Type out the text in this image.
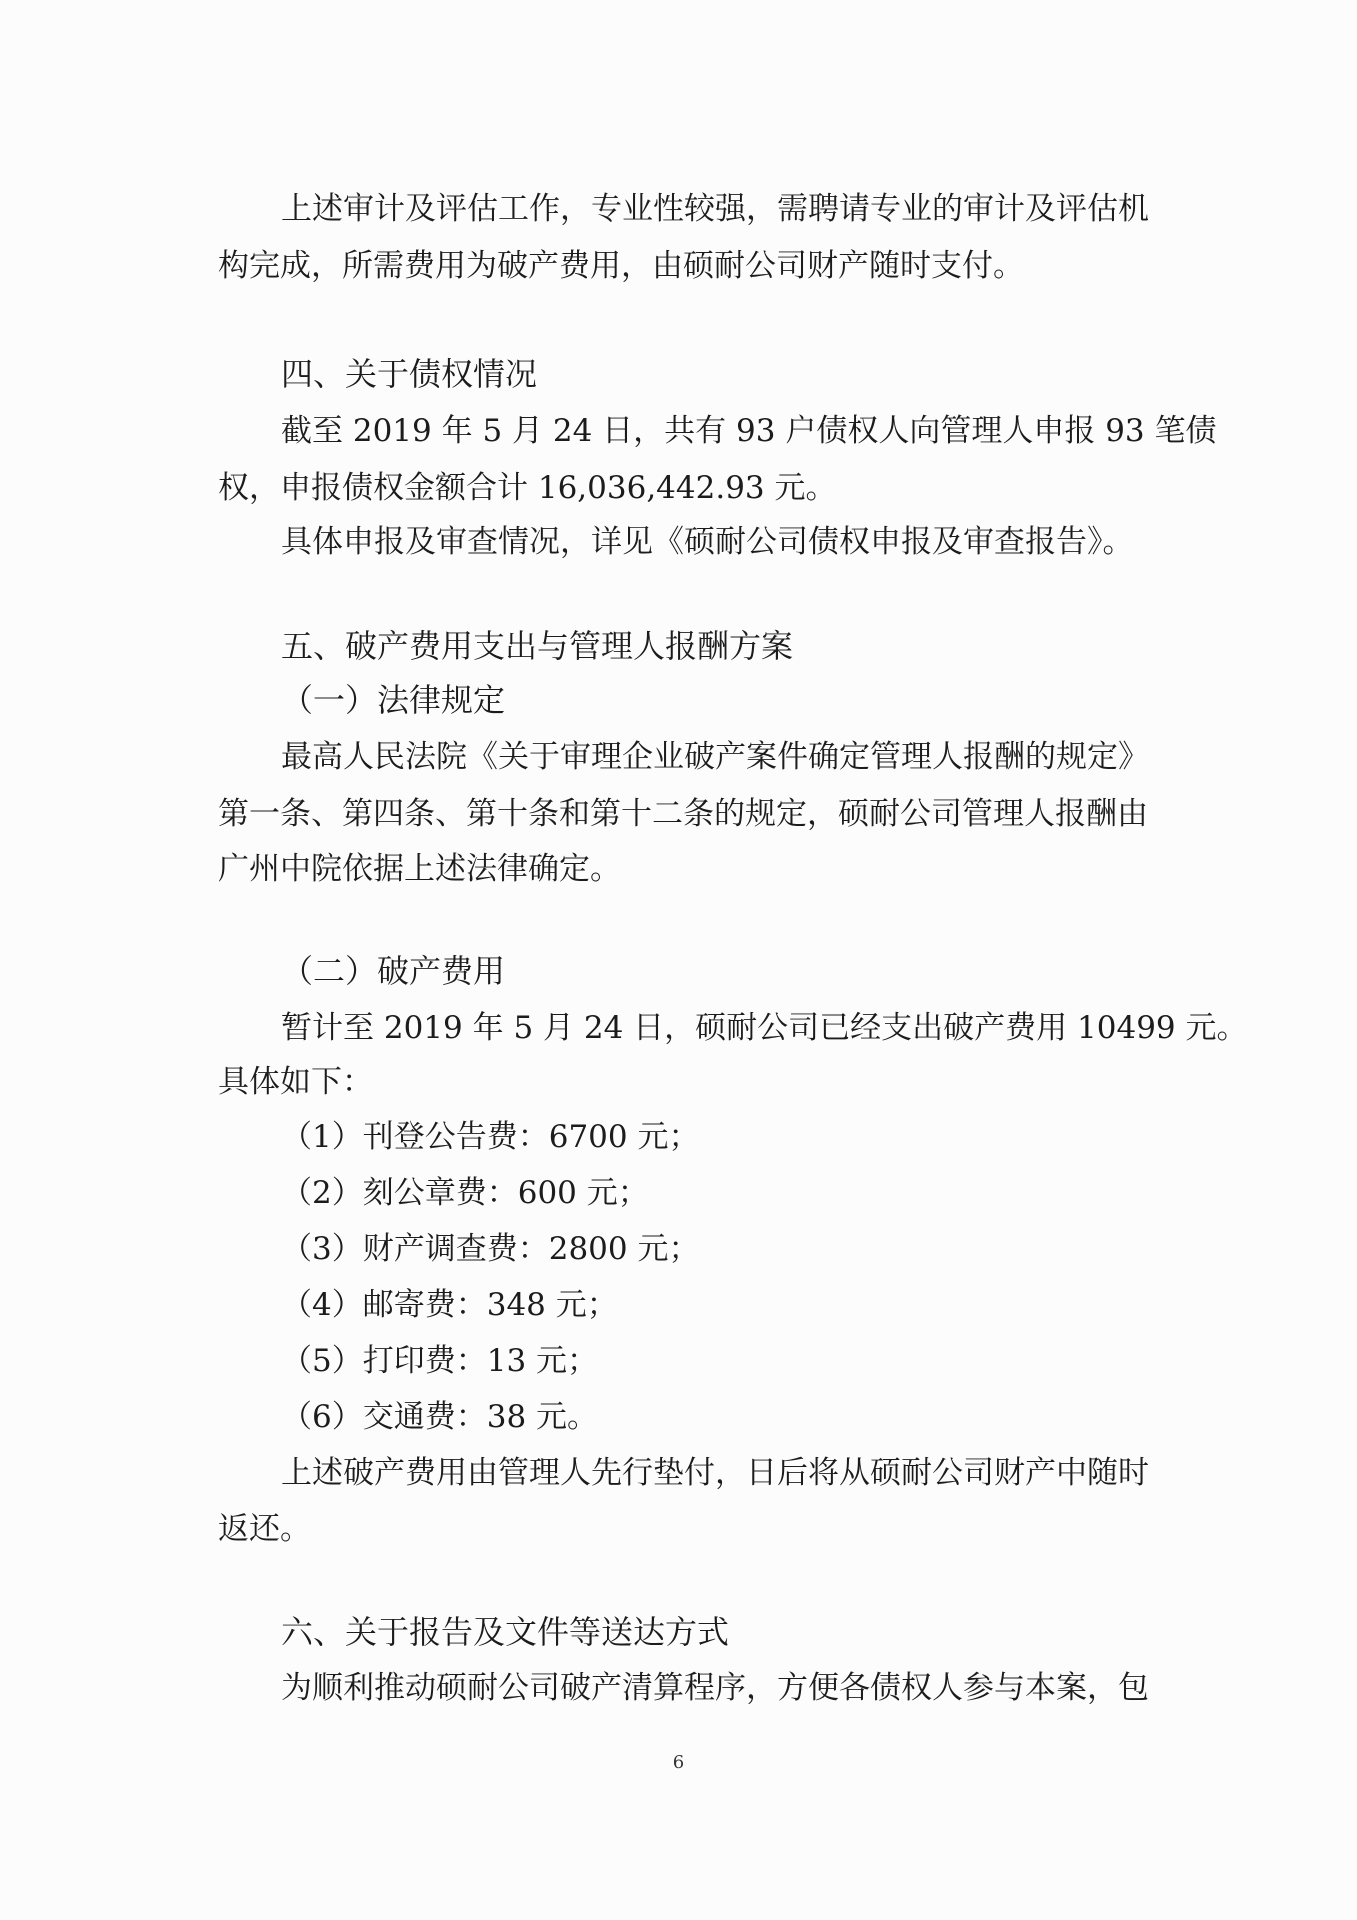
上述审计及评估工作，专业性较强，需聘请专业的审计及评估机

构完成，所需费用为破产费用，由硕耐公司财产随时支付。

四、关于债权情况

截至 2019 年 5 月 24 日，共有 93 户债权人向管理人申报 93 笔债

权，申报债权金额合计 16,036,442.93 元。

具体申报及审查情况，详见《硕耐公司债权申报及审查报告》。

五、破产费用支出与管理人报酬方案

（一）法律规定

最高人民法院《关于审理企业破产案件确定管理人报酬的规定》

第一条、第四条、第十条和第十二条的规定，硕耐公司管理人报酬由

广州中院依据上述法律确定。

（二）破产费用

暂计至 2019 年 5 月 24 日，硕耐公司已经支出破产费用 10499 元。

具体如下：

（1）刊登公告费：6700 元；

（2）刻公章费：600 元；

（3）财产调查费：2800 元；

（4）邮寄费：348 元；

（5）打印费：13 元；

（6）交通费：38 元。

上述破产费用由管理人先行垫付，日后将从硕耐公司财产中随时

返还。

六、关于报告及文件等送达方式

为顺利推动硕耐公司破产清算程序，方便各债权人参与本案，包

6
